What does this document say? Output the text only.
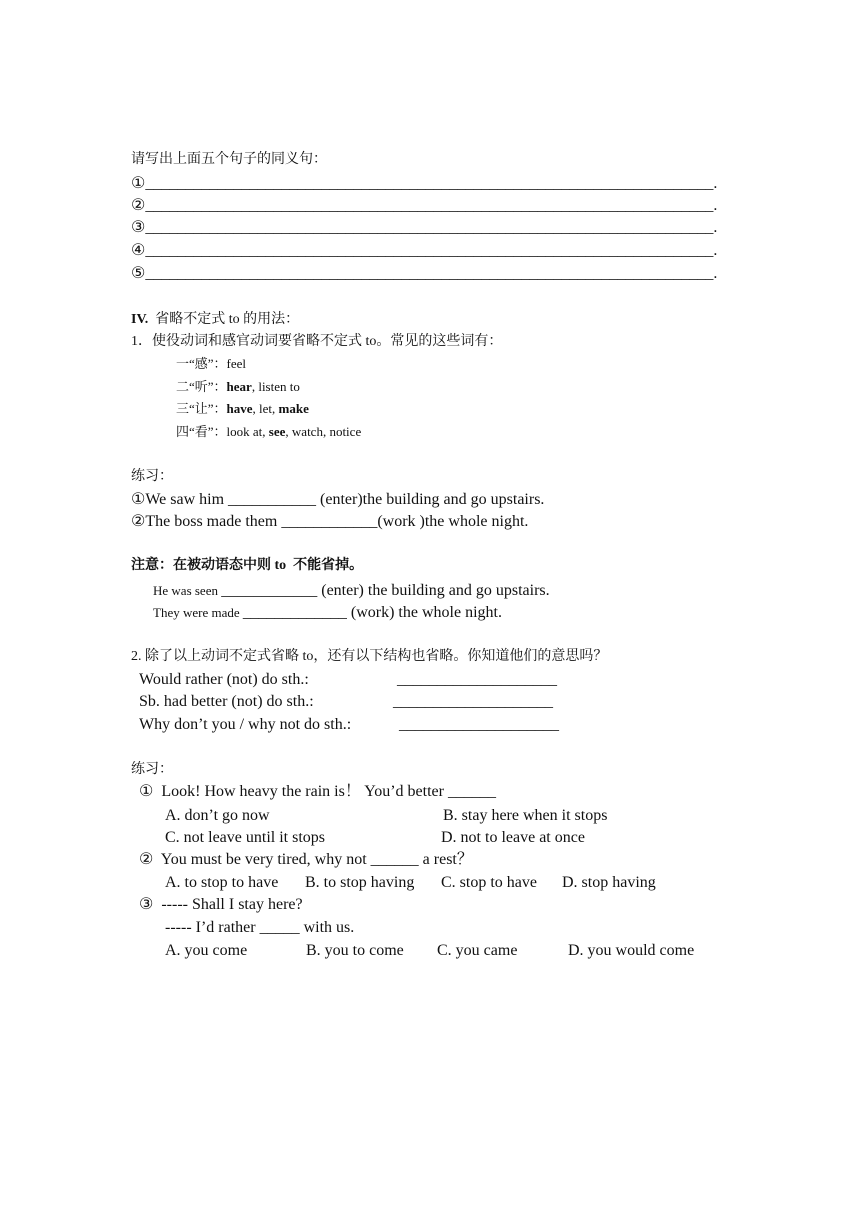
请写出上面五个句子的同义句：
①_______________________________________________________________________.
②_______________________________________________________________________.
③_______________________________________________________________________.
④_______________________________________________________________________.
⑤_______________________________________________________________________.
IV. 省略不定式 to 的用法：
1．使役动词和感官动词要省略不定式 to。常见的这些词有：
一“感”：feel
二“听”：hear, listen to
三“让”：have, let, make
四“看”：look at, see, watch, notice
练习：
①We saw him ___________ (enter)the building and go upstairs.
②The boss made them ____________(work )the whole night.
注意：在被动语态中则 to  不能省掉。
He was seen ____________ (enter) the building and go upstairs.
They were made _____________ (work) the whole night.
2. 除了以上动词不定式省略 to，还有以下结构也省略。你知道他们的意思吗？
Would rather (not) do sth.:	____________________
Sb. had better (not) do sth.:	____________________
Why don’t you / why not do sth.:	____________________
练习：
①  Look! How heavy the rain is！ You’d better ______
A. don’t go now	B. stay here when it stops
C. not leave until it stops	D. not to leave at once
②  You must be very tired, why not ______ a rest？
A. to stop to have B. to stop having C. stop to have D. stop having
③  ----- Shall I stay here?
----- I’d rather _____ with us.
A. you come	B. you to come C. you came	D. you would come
